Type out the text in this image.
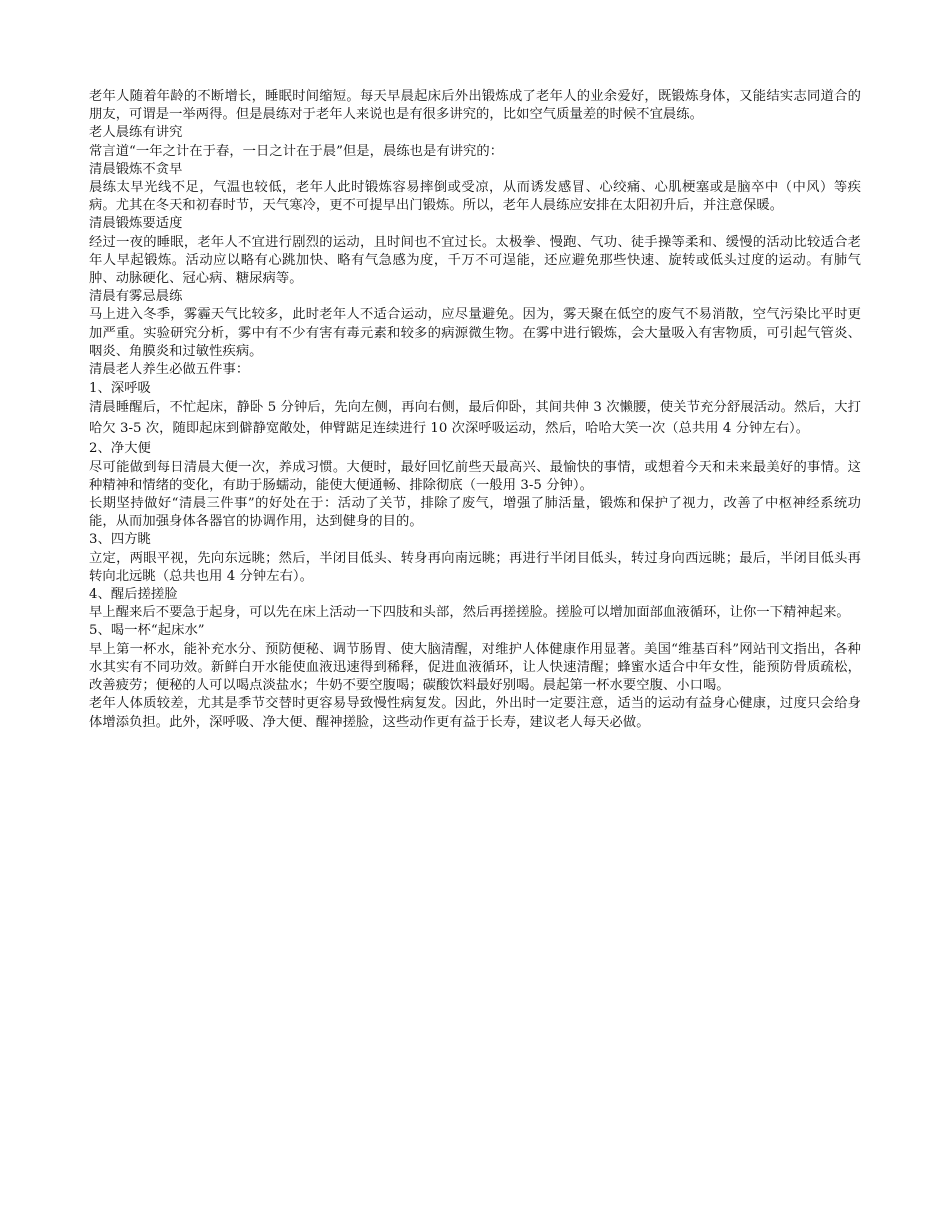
老年人随着年龄的不断增长，睡眠时间缩短。每天早晨起床后外出锻炼成了老年人的业余爱好，既锻炼身体，又能结实志同道合的朋友，可谓是一举两得。但是晨练对于老年人来说也是有很多讲究的，比如空气质量差的时候不宜晨练。

老人晨练有讲究

常言道“一年之计在于春，一日之计在于晨”但是，晨练也是有讲究的：

清晨锻炼不贪早

晨练太早光线不足，气温也较低，老年人此时锻炼容易摔倒或受凉，从而诱发感冒、心绞痛、心肌梗塞或是脑卒中（中风）等疾病。尤其在冬天和初春时节，天气寒冷，更不可提早出门锻炼。所以，老年人晨练应安排在太阳初升后，并注意保暖。

清晨锻炼要适度

经过一夜的睡眠，老年人不宜进行剧烈的运动，且时间也不宜过长。太极拳、慢跑、气功、徒手操等柔和、缓慢的活动比较适合老年人早起锻炼。活动应以略有心跳加快、略有气急感为度，千万不可逞能，还应避免那些快速、旋转或低头过度的运动。有肺气肿、动脉硬化、冠心病、糖尿病等。

清晨有雾忌晨练

马上进入冬季，雾霾天气比较多，此时老年人不适合运动，应尽量避免。因为，雾天聚在低空的废气不易消散，空气污染比平时更加严重。实验研究分析，雾中有不少有害有毒元素和较多的病源微生物。在雾中进行锻炼，会大量吸入有害物质，可引起气管炎、咽炎、角膜炎和过敏性疾病。

清晨老人养生必做五件事：

1、深呼吸

清晨睡醒后，不忙起床，静卧 5 分钟后，先向左侧，再向右侧，最后仰卧，其间共伸 3 次懒腰，使关节充分舒展活动。然后，大打哈欠 3-5 次，随即起床到僻静宽敞处，伸臂踮足连续进行 10 次深呼吸运动，然后，哈哈大笑一次（总共用 4 分钟左右）。

2、净大便

尽可能做到每日清晨大便一次，养成习惯。大便时，最好回忆前些天最高兴、最愉快的事情，或想着今天和未来最美好的事情。这种精神和情绪的变化，有助于肠蠕动，能使大便通畅、排除彻底（一般用 3-5 分钟）。

长期坚持做好“清晨三件事”的好处在于：活动了关节，排除了废气，增强了肺活量，锻炼和保护了视力，改善了中枢神经系统功能，从而加强身体各器官的协调作用，达到健身的目的。

3、四方眺

立定，两眼平视，先向东远眺；然后，半闭目低头、转身再向南远眺；再进行半闭目低头，转过身向西远眺；最后，半闭目低头再转向北远眺（总共也用 4 分钟左右）。

4、醒后搓搓脸

早上醒来后不要急于起身，可以先在床上活动一下四肢和头部，然后再搓搓脸。搓脸可以增加面部血液循环，让你一下精神起来。

5、喝一杯“起床水”

早上第一杯水，能补充水分、预防便秘、调节肠胃、使大脑清醒，对维护人体健康作用显著。美国“维基百科”网站刊文指出，各种水其实有不同功效。新鲜白开水能使血液迅速得到稀释，促进血液循环，让人快速清醒；蜂蜜水适合中年女性，能预防骨质疏松，改善疲劳；便秘的人可以喝点淡盐水；牛奶不要空腹喝；碳酸饮料最好别喝。晨起第一杯水要空腹、小口喝。

老年人体质较差，尤其是季节交替时更容易导致慢性病复发。因此，外出时一定要注意，适当的运动有益身心健康，过度只会给身体增添负担。此外，深呼吸、净大便、醒神搓脸，这些动作更有益于长寿，建议老人每天必做。
